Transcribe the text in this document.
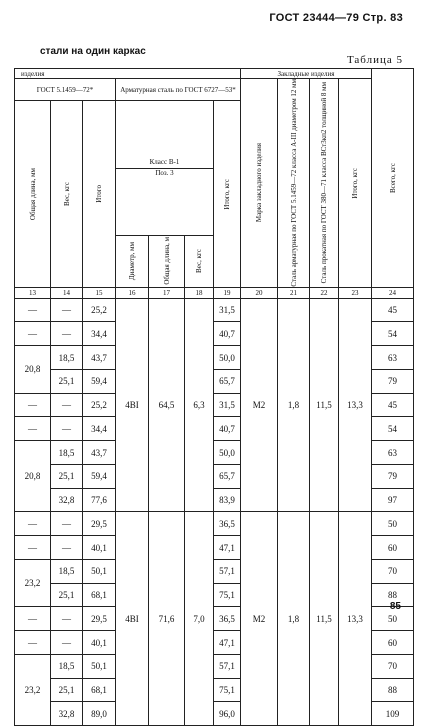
ГОСТ 23444—79 Стр. 83
стали на один каркас
Таблица 5
изделия							Закладные изделия				Всего, кгс

ГОСТ 5.1459—72*			Арматурная сталь по ГОСТ 6727—53*				Марка закладного изделия	Сталь арматурная по ГОСТ 5.1459—72 класса А-III диаметром 12 мм	Сталь прокатная по ГОСТ 380—71 класса ВСт3кп2 толщиной 8 мм	Итого, кгс	

Общая длина, мм	Вес, кгс	Итого	Класс В-1
Поз. 3			Итого, кгс					

			Диаметр, мм	Общая длина, м	Вес, кгс						

13	14	15	16	17	18	19	20	21	22	23	24
—	—	25,2	4BI	64,5	6,3	31,5	M2	1,8	11,5	13,3	45
—	—	34,4				40,7					54
20,8	18,5	43,7				50,0					63
	25,1	59,4				65,7					79
—	—	25,2				31,5					45
—	—	34,4				40,7					54
20,8	18,5	43,7				50,0					63
	25,1	59,4				65,7					79
	32,8	77,6				83,9					97
—	—	29,5	4BI	71,6	7,0	36,5	M2	1,8	11,5	13,3	50
—	—	40,1				47,1					60
23,2	18,5	50,1				57,1					70
	25,1	68,1				75,1					88
—	—	29,5				36,5					50
—	—	40,1				47,1					60
23,2	18,5	50,1				57,1					70
	25,1	68,1				75,1					88
	32,8	89,0				96,0					109
85
